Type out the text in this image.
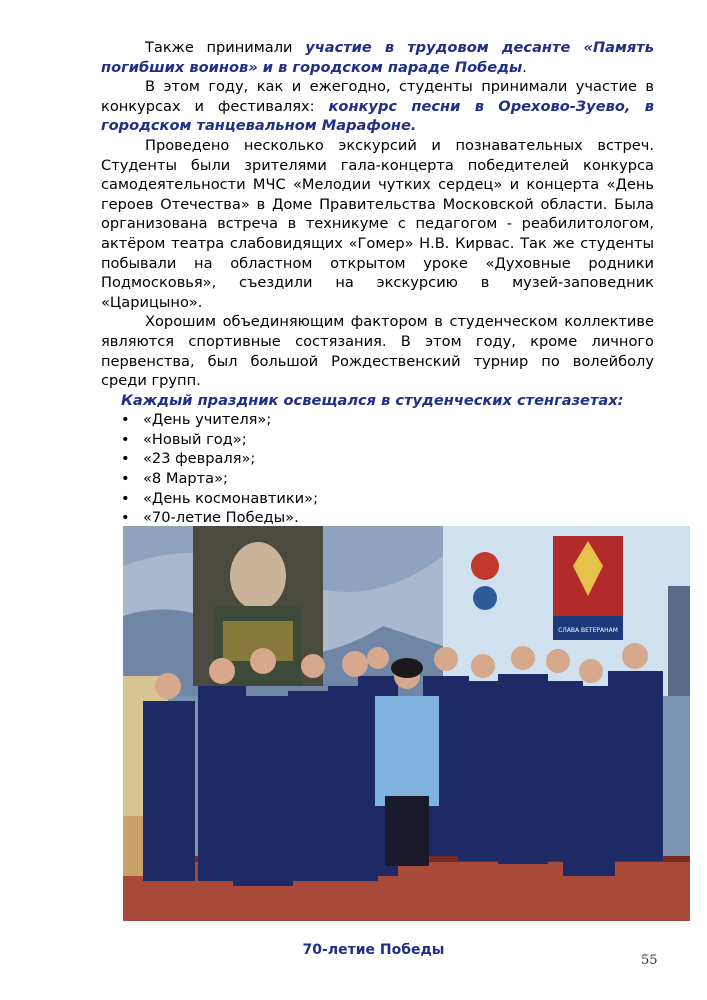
Также принимали участие в трудовом десанте «Память погибших воинов» и в городском параде Победы.

В этом году, как и ежегодно, студенты принимали участие в конкурсах и фестивалях: конкурс песни в Орехово-Зуево, в городском танцевальном Марафоне.

Проведено несколько экскурсий и познавательных встреч. Студенты были зрителями гала-концерта победителей конкурса самодеятельности МЧС «Мелодии чутких сердец» и концерта «День героев Отечества» в Доме Правительства Московской области. Была организована встреча в техникуме с педагогом - реабилитологом, актёром театра слабовидящих «Гомер» Н.В. Кирвас. Так же студенты побывали на областном открытом уроке «Духовные родники Подмосковья», съездили на экскурсию в музей-заповедник «Царицыно».

Хорошим объединяющим фактором в студенческом коллективе являются спортивные состязания. В этом году, кроме личного первенства, был большой Рождественский турнир по волейболу среди групп.

Каждый праздник освещался в студенческих стенгазетах:

• «День учителя»;
• «Новый год»;
• «23 февраля»;
• «8 Марта»;
• «День космонавтики»;
• «70-летие Победы».
СЛАВА ВЕТЕРАНАМ
70-летие Победы
55
